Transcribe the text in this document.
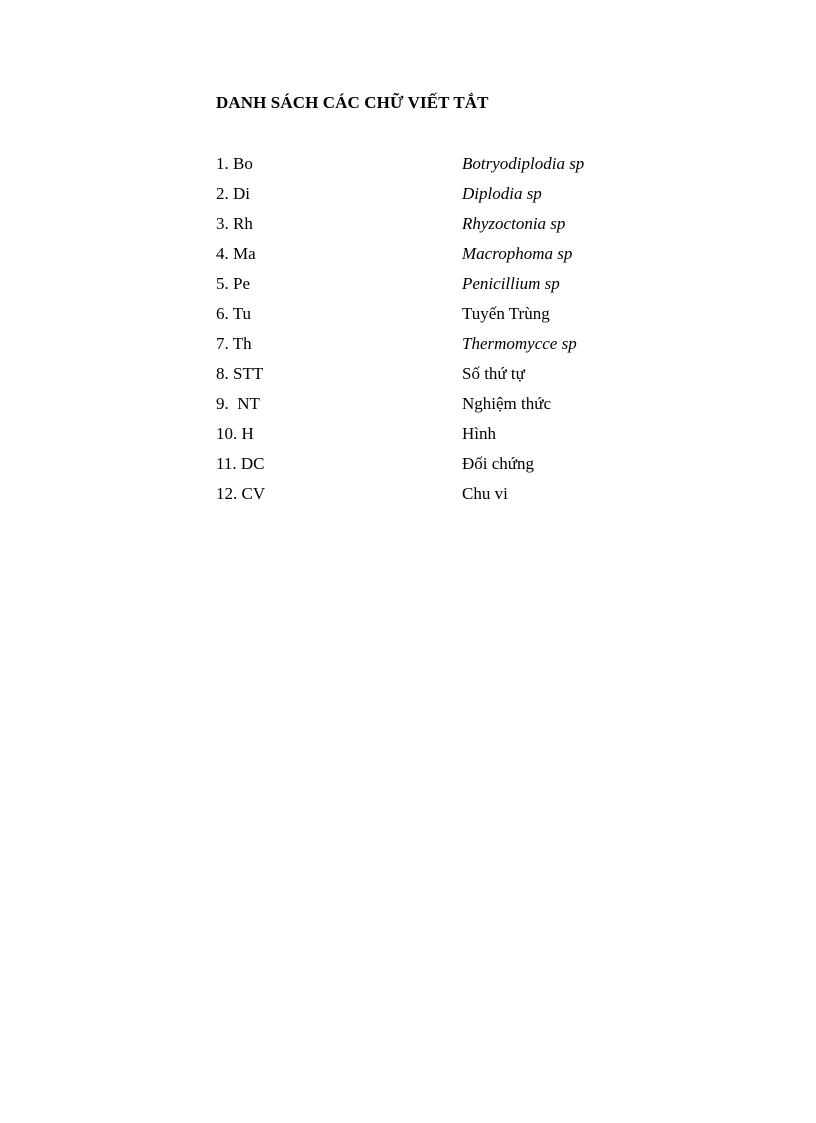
DANH SÁCH CÁC CHỮ VIẾT TẮT
1. Bo	Botryodiplodia sp
2. Di	Diplodia sp
3. Rh	Rhyzoctonia sp
4. Ma	Macrophoma sp
5. Pe	Penicillium sp
6. Tu	Tuyến Trùng
7. Th	Thermomycce sp
8. STT	Số thứ tự
9.  NT	Nghiệm thức
10. H	Hình
11. DC	Đối chứng
12. CV	Chu vi
